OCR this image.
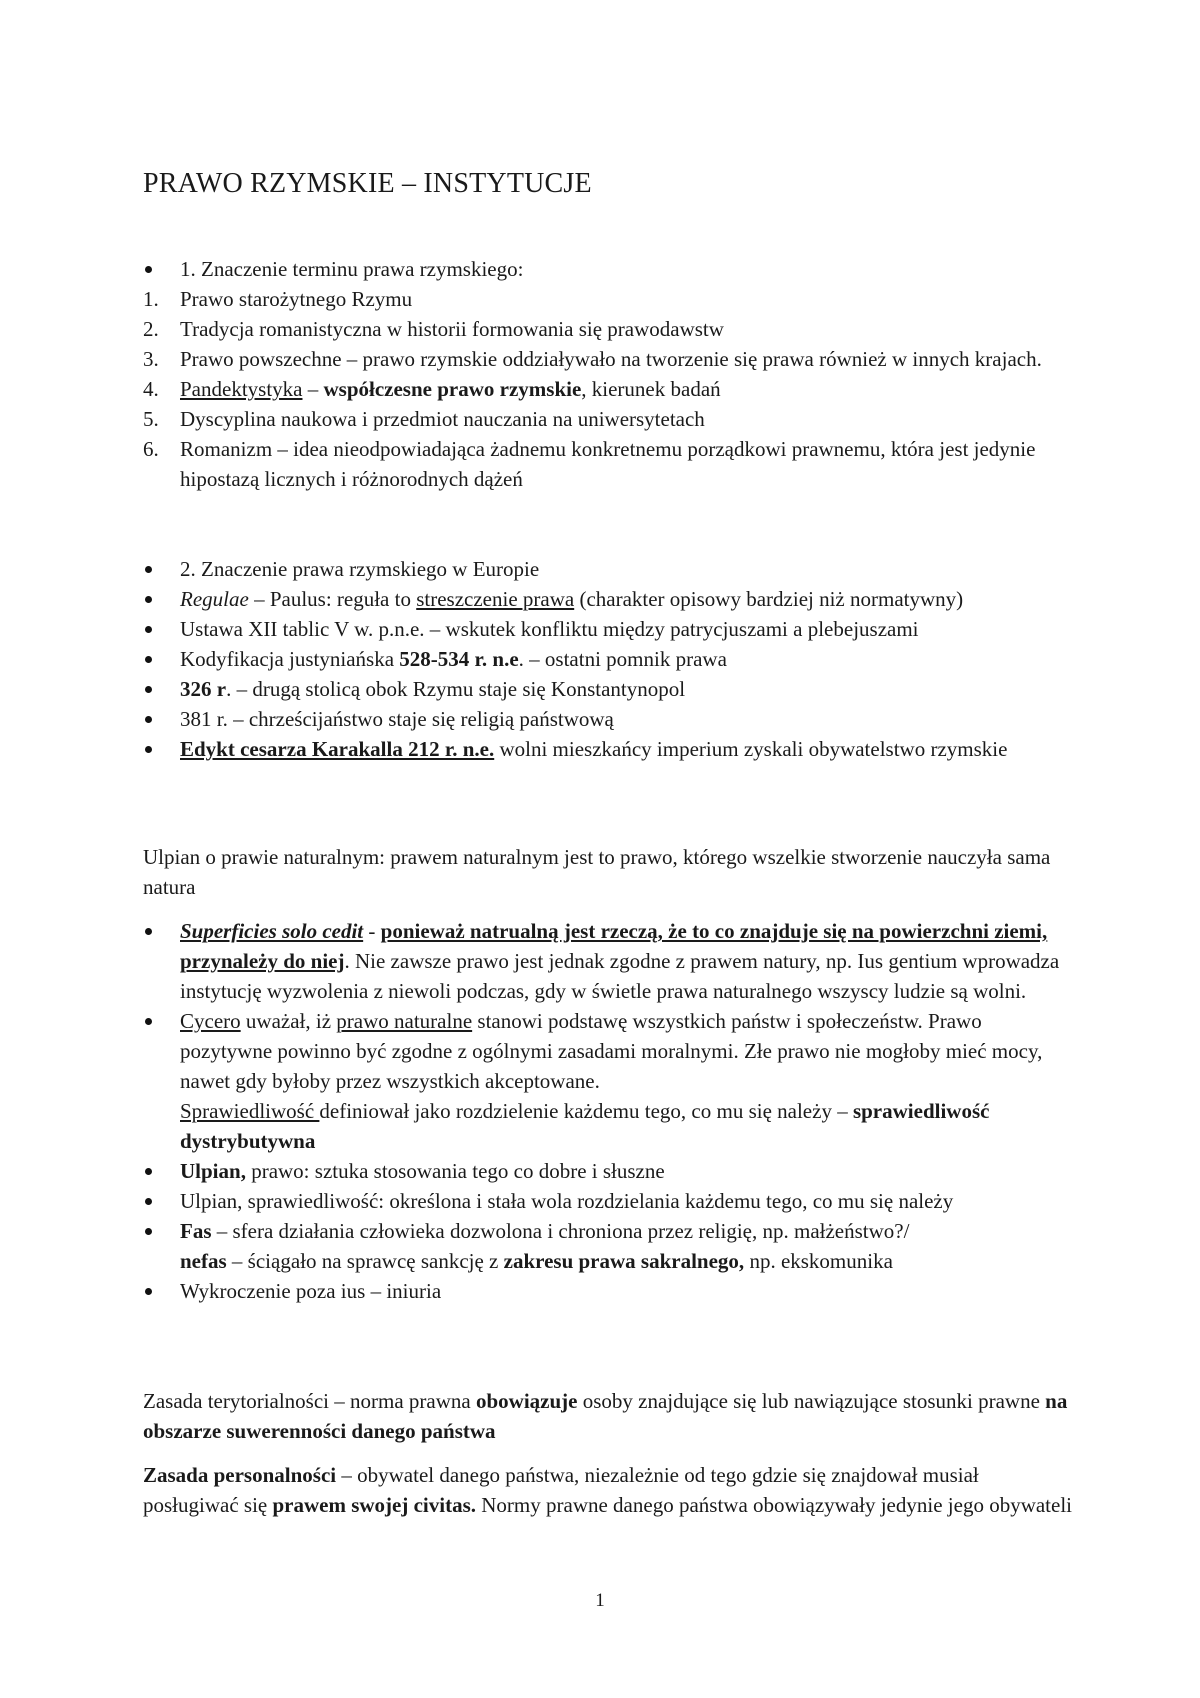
PRAWO RZYMSKIE – INSTYTUCJE
1. Znaczenie terminu prawa rzymskiego:
1.	Prawo starożytnego Rzymu
2.	Tradycja romanistyczna w historii formowania się prawodawstw
3.	Prawo powszechne – prawo rzymskie oddziaływało na tworzenie się prawa również w innych krajach.
4.	Pandektystyka – współczesne prawo rzymskie, kierunek badań
5.	Dyscyplina naukowa i przedmiot nauczania na uniwersytetach
6.	Romanizm – idea nieodpowiadająca żadnemu konkretnemu porządkowi prawnemu, która jest jedynie hipostazą licznych i różnorodnych dążeń
2. Znaczenie prawa rzymskiego w Europie
Regulae – Paulus: reguła to streszczenie prawa (charakter opisowy bardziej niż normatywny)
Ustawa XII tablic V w. p.n.e. – wskutek konfliktu między patrycjuszami a plebejuszami
Kodyfikacja justyniańska 528-534 r. n.e. – ostatni pomnik prawa
326 r. – drugą stolicą obok Rzymu staje się Konstantynopol
381 r. – chrześcijaństwo staje się religią państwową
Edykt cesarza Karakalla 212 r. n.e. wolni mieszkańcy imperium zyskali obywatelstwo rzymskie
Ulpian o prawie naturalnym: prawem naturalnym jest to prawo, którego wszelkie stworzenie nauczyła sama natura
Superficies solo cedit - ponieważ natrualną jest rzeczą, że to co znajduje się na powierzchni ziemi, przynależy do niej. Nie zawsze prawo jest jednak zgodne z prawem natury, np. Ius gentium wprowadza instytucję wyzwolenia z niewoli podczas, gdy w świetle prawa naturalnego wszyscy ludzie są wolni.
Cycero uważał, iż prawo naturalne stanowi podstawę wszystkich państw i społeczeństw. Prawo pozytywne powinno być zgodne z ogólnymi zasadami moralnymi. Złe prawo nie mogłoby mieć mocy, nawet gdy byłoby przez wszystkich akceptowane.
Sprawiedliwość definiował jako rozdzielenie każdemu tego, co mu się należy – sprawiedliwość dystrybutywna
Ulpian, prawo: sztuka stosowania tego co dobre i słuszne
Ulpian, sprawiedliwość: określona i stała wola rozdzielania każdemu tego, co mu się należy
Fas – sfera działania człowieka dozwolona i chroniona przez religię, np. małżeństwo?/
nefas – ściągało na sprawcę sankcję z zakresu prawa sakralnego, np. ekskomunika
Wykroczenie poza ius – iniuria
Zasada terytorialności – norma prawna obowiązuje osoby znajdujące się lub nawiązujące stosunki prawne na obszarze suwerenności danego państwa
Zasada personalności – obywatel danego państwa, niezależnie od tego gdzie się znajdował musiał posługiwać się prawem swojej civitas. Normy prawne danego państwa obowiązywały jedynie jego obywateli
1
